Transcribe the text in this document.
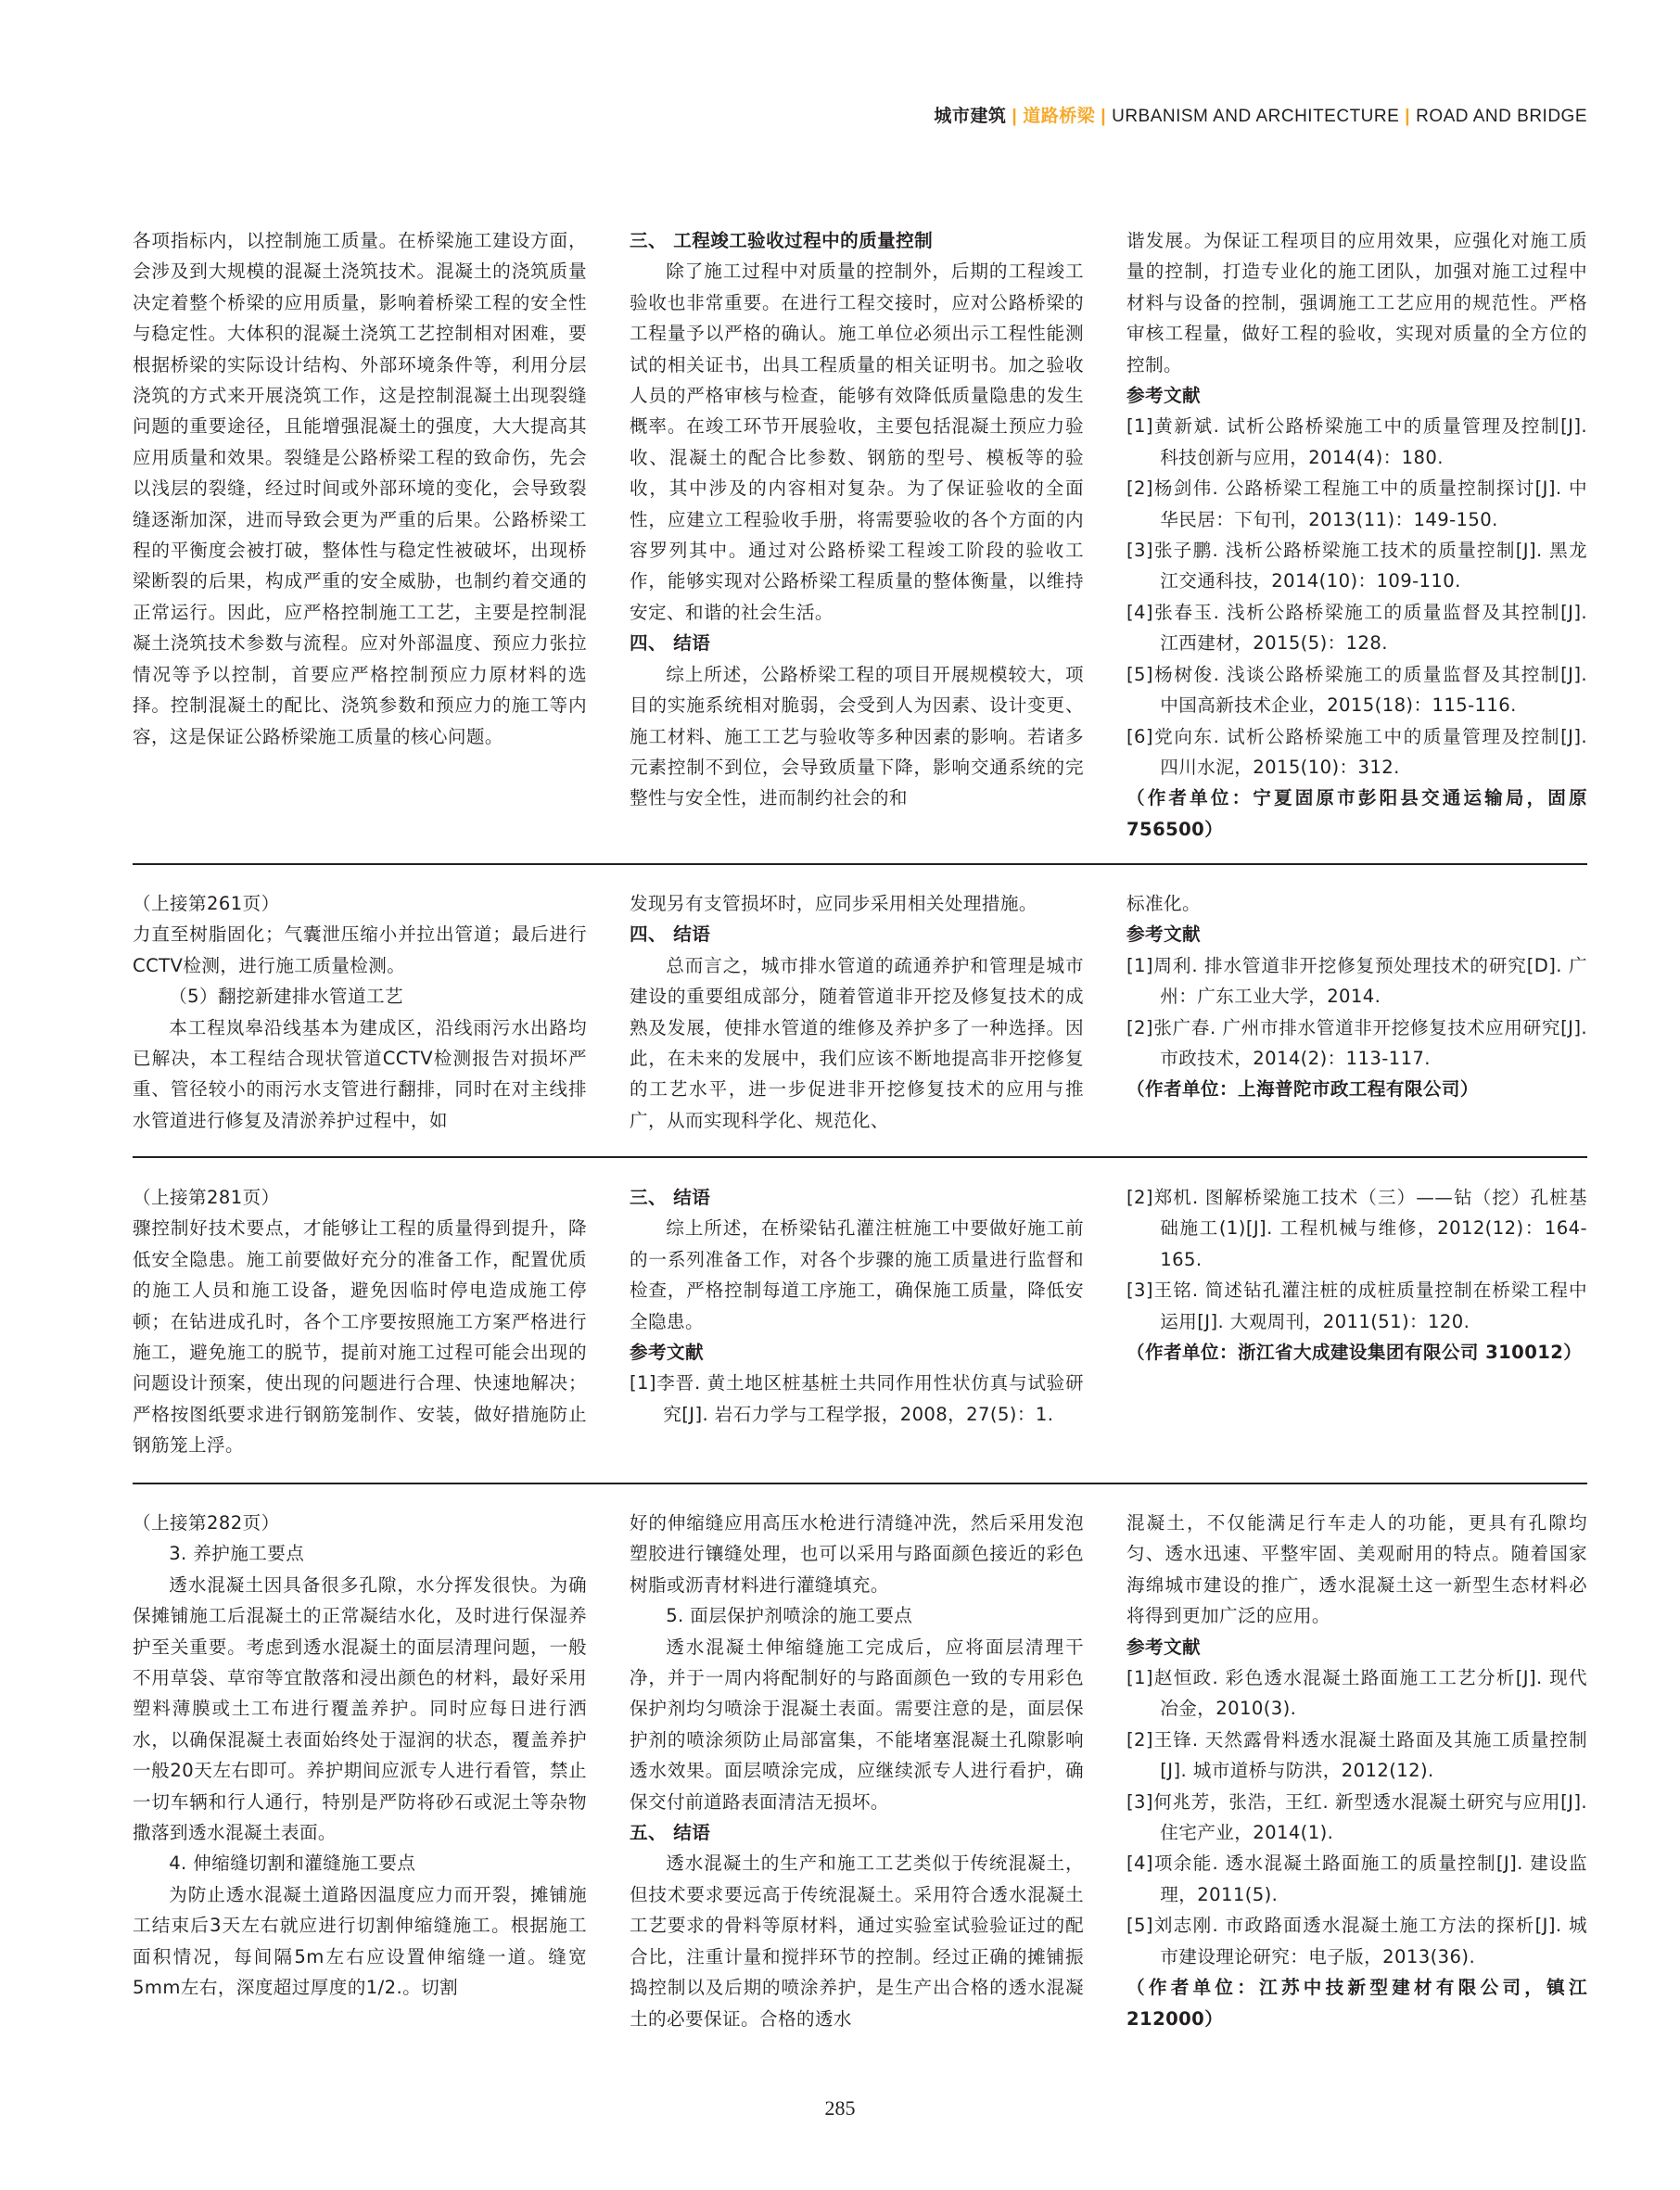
城市建筑 | 道路桥梁 | URBANISM AND ARCHITECTURE | ROAD AND BRIDGE

各项指标内，以控制施工质量。在桥梁施工建设方面，会涉及到大规模的混凝土浇筑技术。混凝土的浇筑质量决定着整个桥梁的应用质量，影响着桥梁工程的安全性与稳定性。大体积的混凝土浇筑工艺控制相对困难，要根据桥梁的实际设计结构、外部环境条件等，利用分层浇筑的方式来开展浇筑工作，这是控制混凝土出现裂缝问题的重要途径，且能增强混凝土的强度，大大提高其应用质量和效果。裂缝是公路桥梁工程的致命伤，先会以浅层的裂缝，经过时间或外部环境的变化，会导致裂缝逐渐加深，进而导致会更为严重的后果。公路桥梁工程的平衡度会被打破，整体性与稳定性被破坏，出现桥梁断裂的后果，构成严重的安全威胁，也制约着交通的正常运行。因此，应严格控制施工工艺，主要是控制混凝土浇筑技术参数与流程。应对外部温度、预应力张拉情况等予以控制，首要应严格控制预应力原材料的选择。控制混凝土的配比、浇筑参数和预应力的施工等内容，这是保证公路桥梁施工质量的核心问题。

三、 工程竣工验收过程中的质量控制

除了施工过程中对质量的控制外，后期的工程竣工验收也非常重要。在进行工程交接时，应对公路桥梁的工程量予以严格的确认。施工单位必须出示工程性能测试的相关证书，出具工程质量的相关证明书。加之验收人员的严格审核与检查，能够有效降低质量隐患的发生概率。在竣工环节开展验收，主要包括混凝土预应力验收、混凝土的配合比参数、钢筋的型号、模板等的验收，其中涉及的内容相对复杂。为了保证验收的全面性，应建立工程验收手册，将需要验收的各个方面的内容罗列其中。通过对公路桥梁工程竣工阶段的验收工作，能够实现对公路桥梁工程质量的整体衡量，以维持安定、和谐的社会生活。

四、 结语

综上所述，公路桥梁工程的项目开展规模较大，项目的实施系统相对脆弱，会受到人为因素、设计变更、施工材料、施工工艺与验收等多种因素的影响。若诸多元素控制不到位，会导致质量下降，影响交通系统的完整性与安全性，进而制约社会的和

谐发展。为保证工程项目的应用效果，应强化对施工质量的控制，打造专业化的施工团队，加强对施工过程中材料与设备的控制，强调施工工艺应用的规范性。严格审核工程量，做好工程的验收，实现对质量的全方位的控制。

参考文献

[1]黄新斌. 试析公路桥梁施工中的质量管理及控制[J]. 科技创新与应用，2014(4)：180.

[2]杨剑伟. 公路桥梁工程施工中的质量控制探讨[J]. 中华民居：下旬刊，2013(11)：149-150.

[3]张子鹏. 浅析公路桥梁施工技术的质量控制[J]. 黑龙江交通科技，2014(10)：109-110.

[4]张春玉. 浅析公路桥梁施工的质量监督及其控制[J]. 江西建材，2015(5)：128.

[5]杨树俊. 浅谈公路桥梁施工的质量监督及其控制[J]. 中国高新技术企业，2015(18)：115-116.

[6]党向东. 试析公路桥梁施工中的质量管理及控制[J]. 四川水泥，2015(10)：312.

（作者单位：宁夏固原市彭阳县交通运输局，固原 756500）

（上接第261页）

力直至树脂固化；气囊泄压缩小并拉出管道；最后进行CCTV检测，进行施工质量检测。

（5）翻挖新建排水管道工艺

本工程岚皋沿线基本为建成区，沿线雨污水出路均已解决，本工程结合现状管道CCTV检测报告对损坏严重、管径较小的雨污水支管进行翻排，同时在对主线排水管道进行修复及清淤养护过程中，如

发现另有支管损坏时，应同步采用相关处理措施。

四、 结语

总而言之，城市排水管道的疏通养护和管理是城市建设的重要组成部分，随着管道非开挖及修复技术的成熟及发展，使排水管道的维修及养护多了一种选择。因此，在未来的发展中，我们应该不断地提高非开挖修复的工艺水平，进一步促进非开挖修复技术的应用与推广，从而实现科学化、规范化、

标准化。

参考文献

[1]周利. 排水管道非开挖修复预处理技术的研究[D]. 广州：广东工业大学，2014.

[2]张广春. 广州市排水管道非开挖修复技术应用研究[J]. 市政技术，2014(2)：113-117.

（作者单位：上海普陀市政工程有限公司）

（上接第281页）

骤控制好技术要点，才能够让工程的质量得到提升，降低安全隐患。施工前要做好充分的准备工作，配置优质的施工人员和施工设备，避免因临时停电造成施工停顿；在钻进成孔时，各个工序要按照施工方案严格进行施工，避免施工的脱节，提前对施工过程可能会出现的问题设计预案，使出现的问题进行合理、快速地解决；严格按图纸要求进行钢筋笼制作、安装，做好措施防止钢筋笼上浮。

三、 结语

综上所述，在桥梁钻孔灌注桩施工中要做好施工前的一系列准备工作，对各个步骤的施工质量进行监督和检查，严格控制每道工序施工，确保施工质量，降低安全隐患。

参考文献

[1]李晋. 黄土地区桩基桩土共同作用性状仿真与试验研究[J]. 岩石力学与工程学报，2008，27(5)：1.

[2]郑机. 图解桥梁施工技术（三）——钻（挖）孔桩基础施工(1)[J]. 工程机械与维修，2012(12)：164-165.

[3]王铭. 简述钻孔灌注桩的成桩质量控制在桥梁工程中运用[J]. 大观周刊，2011(51)：120.

（作者单位：浙江省大成建设集团有限公司 310012）

（上接第282页）

3. 养护施工要点

透水混凝土因具备很多孔隙，水分挥发很快。为确保摊铺施工后混凝土的正常凝结水化，及时进行保湿养护至关重要。考虑到透水混凝土的面层清理问题，一般不用草袋、草帘等宜散落和浸出颜色的材料，最好采用塑料薄膜或土工布进行覆盖养护。同时应每日进行洒水，以确保混凝土表面始终处于湿润的状态，覆盖养护一般20天左右即可。养护期间应派专人进行看管，禁止一切车辆和行人通行，特别是严防将砂石或泥土等杂物撒落到透水混凝土表面。

4. 伸缩缝切割和灌缝施工要点

为防止透水混凝土道路因温度应力而开裂，摊铺施工结束后3天左右就应进行切割伸缩缝施工。根据施工面积情况，每间隔5m左右应设置伸缩缝一道。缝宽5mm左右，深度超过厚度的1/2.。切割

好的伸缩缝应用高压水枪进行清缝冲洗，然后采用发泡塑胶进行镶缝处理，也可以采用与路面颜色接近的彩色树脂或沥青材料进行灌缝填充。

5. 面层保护剂喷涂的施工要点

透水混凝土伸缩缝施工完成后，应将面层清理干净，并于一周内将配制好的与路面颜色一致的专用彩色保护剂均匀喷涂于混凝土表面。需要注意的是，面层保护剂的喷涂须防止局部富集，不能堵塞混凝土孔隙影响透水效果。面层喷涂完成，应继续派专人进行看护，确保交付前道路表面清洁无损坏。

五、 结语

透水混凝土的生产和施工工艺类似于传统混凝土，但技术要求要远高于传统混凝土。采用符合透水混凝土工艺要求的骨料等原材料，通过实验室试验验证过的配合比，注重计量和搅拌环节的控制。经过正确的摊铺振捣控制以及后期的喷涂养护，是生产出合格的透水混凝土的必要保证。合格的透水

混凝土，不仅能满足行车走人的功能，更具有孔隙均匀、透水迅速、平整牢固、美观耐用的特点。随着国家海绵城市建设的推广，透水混凝土这一新型生态材料必将得到更加广泛的应用。

参考文献

[1]赵恒政. 彩色透水混凝土路面施工工艺分析[J]. 现代冶金，2010(3).

[2]王锋. 天然露骨料透水混凝土路面及其施工质量控制[J]. 城市道桥与防洪，2012(12).

[3]何兆芳，张浩，王红. 新型透水混凝土研究与应用[J]. 住宅产业，2014(1).

[4]项余能. 透水混凝土路面施工的质量控制[J]. 建设监理，2011(5).

[5]刘志刚. 市政路面透水混凝土施工方法的探析[J]. 城市建设理论研究：电子版，2013(36).

（作者单位：江苏中技新型建材有限公司，镇江 212000）

285
